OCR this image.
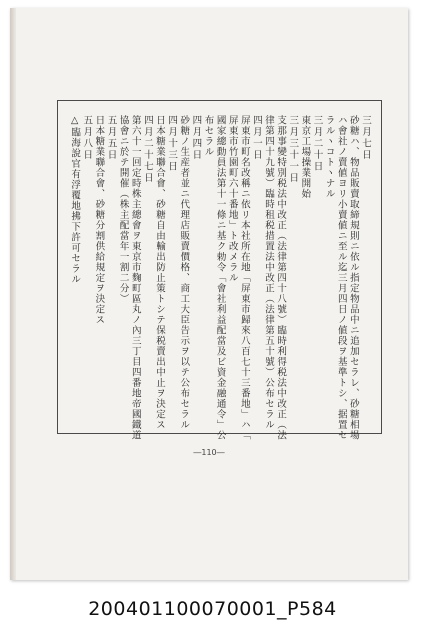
三月七日
砂糖ハ、物品販賣取締規則ニ依ル指定物品中ニ追加セラレ、砂糖相場
ハ會社ノ賣値ヨリ小賣値ニ至ル迄三月四日ノ値段ヲ基準トシ、据置セ
ラルヽコトヽナル
三月二十日
東京工場操業開始
三月三十一日
支那事變特別税法中改正（法律第四十八號）臨時利得税法中改正（法
律第四十九號）臨時租税措置法中改正（法律第五十號）公布セラル
四月一日
屏東市町名改稱ニ依リ本社所在地「屏東市歸來八百七十三番地」ハ「
屏東市竹園町六十番地」ト改メラル
國家總動員法第十一條ニ基ク勅令「會社利益配當及ビ資金融通令」公
布セラル
四月四日
砂糖ノ生産者並ニ代理店販賣價格、商工大臣告示ヲ以テ公布セラル
四月十三日
日本糖業聯合會、砂糖自由輸出防止策トシテ保税賣出中止ヲ決定ス
四月二十七日
第六十一回定時株主總會ヲ東京市麴町區丸ノ內三丁目四番地帝國鐵道
協會ニ於テ開催（株主配當年一割二分）
五月五日
日本糖業聯合會、砂糖分割供給規定ヲ決定ス
五月八日
△臨海說官有浮覆地拂下許可セラル
―110―
200401100070001_P584
